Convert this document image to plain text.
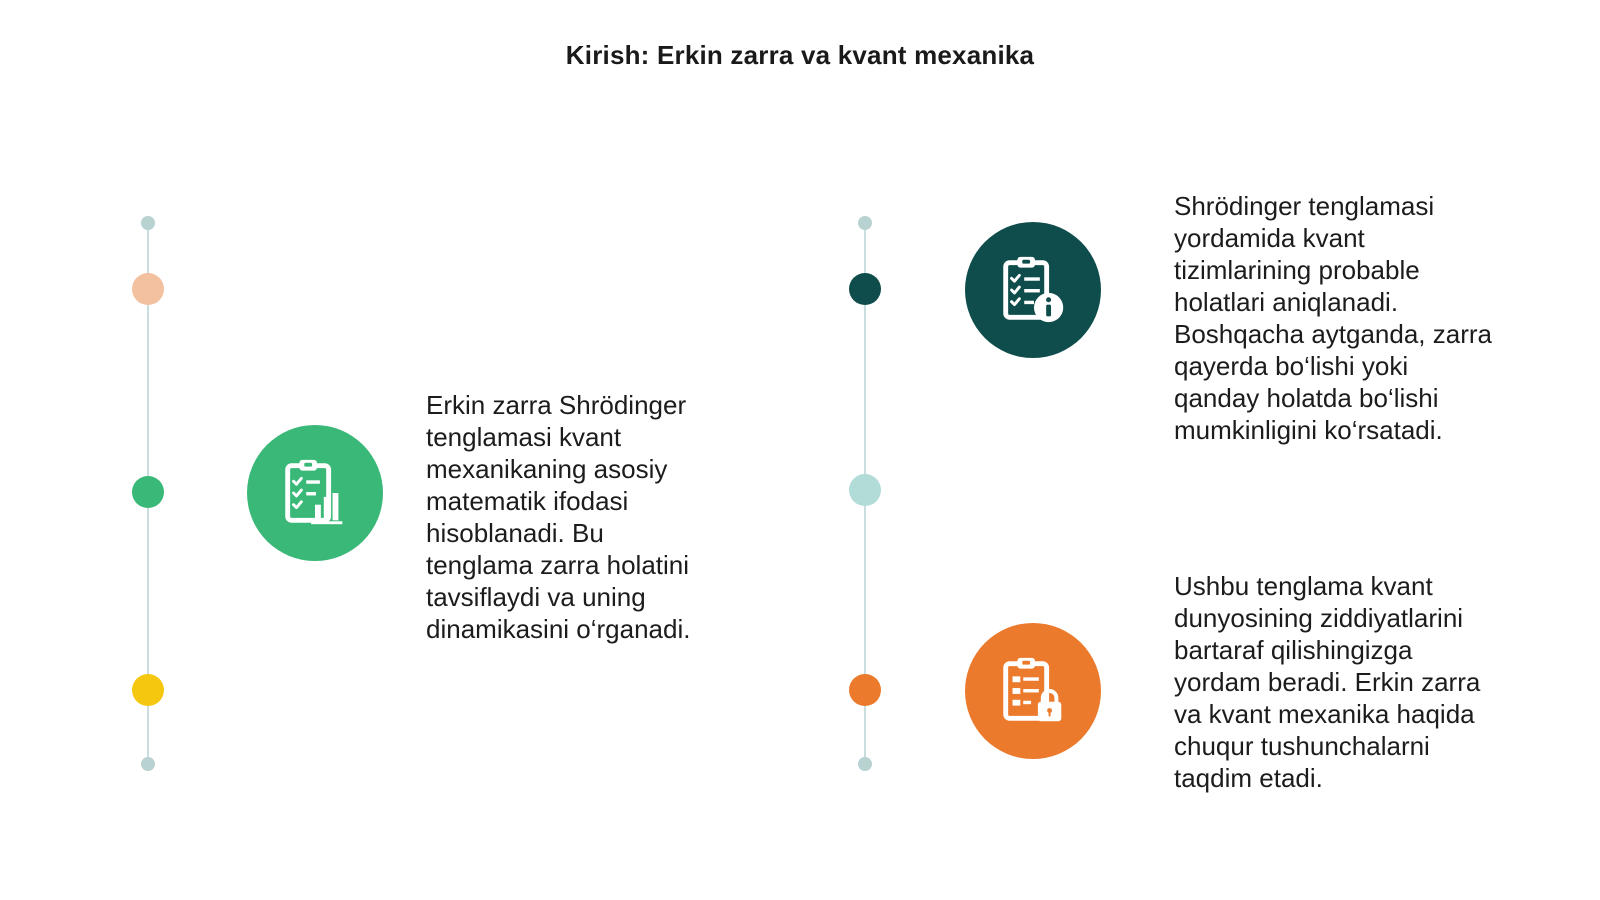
Kirish: Erkin zarra va kvant mexanika
Erkin zarra Shrödinger
tenglamasi kvant
mexanikaning asosiy
matematik ifodasi
hisoblanadi. Bu
tenglama zarra holatini
tavsiflaydi va uning
dinamikasini o‘rganadi.
Shrödinger tenglamasi
yordamida kvant
tizimlarining probable
holatlari aniqlanadi.
Boshqacha aytganda, zarra
qayerda bo‘lishi yoki
qanday holatda bo‘lishi
mumkinligini ko‘rsatadi.
Ushbu tenglama kvant
dunyosining ziddiyatlarini
bartaraf qilishingizga
yordam beradi. Erkin zarra
va kvant mexanika haqida
chuqur tushunchalarni
taqdim etadi.
